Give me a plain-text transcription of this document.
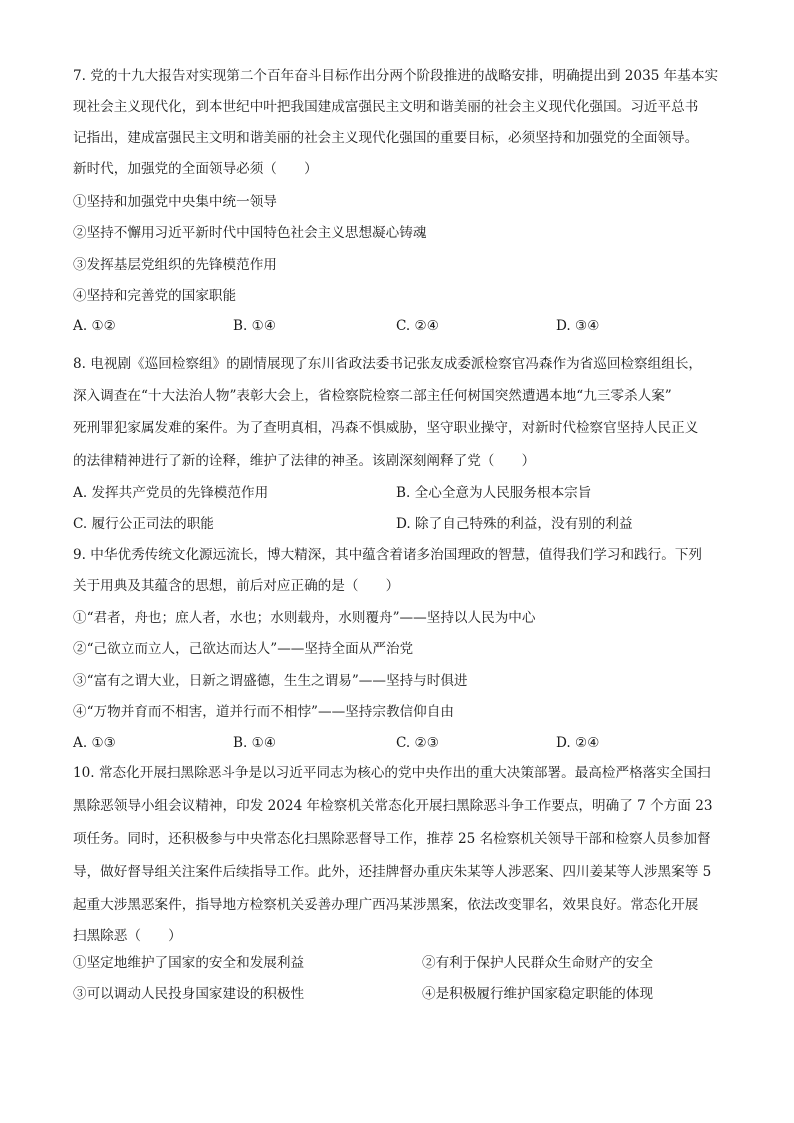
7. 党的十九大报告对实现第二个百年奋斗目标作出分两个阶段推进的战略安排，明确提出到 2035 年基本实
现社会主义现代化，到本世纪中叶把我国建成富强民主文明和谐美丽的社会主义现代化强国。习近平总书
记指出，建成富强民主文明和谐美丽的社会主义现代化强国的重要目标，必须坚持和加强党的全面领导。
新时代，加强党的全面领导必须（　　）
①坚持和加强党中央集中统一领导
②坚持不懈用习近平新时代中国特色社会主义思想凝心铸魂
③发挥基层党组织的先锋模范作用
④坚持和完善党的国家职能
A. ①②	B. ①④	C. ②④	D. ③④
8. 电视剧《巡回检察组》的剧情展现了东川省政法委书记张友成委派检察官冯森作为省巡回检察组组长，
深入调查在“十大法治人物”表彰大会上，省检察院检察二部主任何树国突然遭遇本地“九三零杀人案”
死刑罪犯家属发难的案件。为了查明真相，冯森不惧威胁，坚守职业操守，对新时代检察官坚持人民正义
的法律精神进行了新的诠释，维护了法律的神圣。该剧深刻阐释了党（　　）
A. 发挥共产党员的先锋模范作用	B. 全心全意为人民服务根本宗旨
C. 履行公正司法的职能	D. 除了自己特殊的利益，没有别的利益
9. 中华优秀传统文化源远流长，博大精深，其中蕴含着诸多治国理政的智慧，值得我们学习和践行。下列
关于用典及其蕴含的思想，前后对应正确的是（　　）
①“君者，舟也；庶人者，水也；水则载舟，水则覆舟”——坚持以人民为中心
②“己欲立而立人，己欲达而达人”——坚持全面从严治党
③“富有之谓大业，日新之谓盛德，生生之谓易”——坚持与时俱进
④“万物并育而不相害，道并行而不相悖”——坚持宗教信仰自由
A. ①③	B. ①④	C. ②③	D. ②④
10. 常态化开展扫黑除恶斗争是以习近平同志为核心的党中央作出的重大决策部署。最高检严格落实全国扫
黑除恶领导小组会议精神，印发 2024 年检察机关常态化开展扫黑除恶斗争工作要点，明确了 7 个方面 23
项任务。同时，还积极参与中央常态化扫黑除恶督导工作，推荐 25 名检察机关领导干部和检察人员参加督
导，做好督导组关注案件后续指导工作。此外，还挂牌督办重庆朱某等人涉恶案、四川姜某等人涉黑案等 5
起重大涉黑恶案件，指导地方检察机关妥善办理广西冯某涉黑案，依法改变罪名，效果良好。常态化开展
扫黑除恶（　　）
①坚定地维护了国家的安全和发展利益	②有利于保护人民群众生命财产的安全
③可以调动人民投身国家建设的积极性	④是积极履行维护国家稳定职能的体现
